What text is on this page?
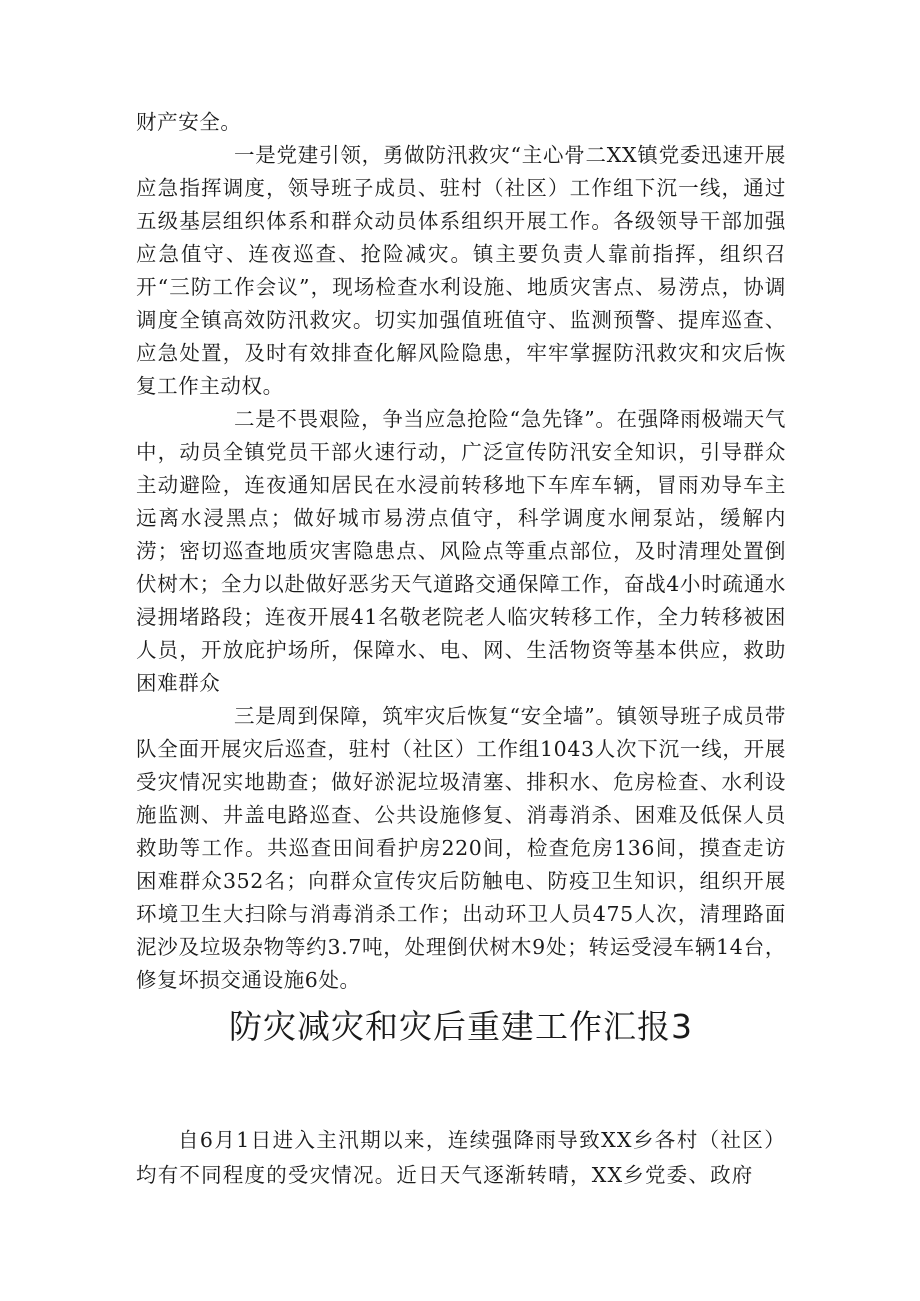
财产安全。

一是党建引领，勇做防汛救灾“主心骨二XX镇党委迅速开展应急指挥调度，领导班子成员、驻村（社区）工作组下沉一线，通过五级基层组织体系和群众动员体系组织开展工作。各级领导干部加强应急值守、连夜巡查、抢险减灾。镇主要负责人靠前指挥，组织召开“三防工作会议”，现场检查水利设施、地质灾害点、易涝点，协调调度全镇高效防汛救灾。切实加强值班值守、监测预警、提库巡查、应急处置，及时有效排查化解风险隐患，牢牢掌握防汛救灾和灾后恢复工作主动权。

二是不畏艰险，争当应急抢险“急先锋”。在强降雨极端天气中，动员全镇党员干部火速行动，广泛宣传防汛安全知识，引导群众主动避险，连夜通知居民在水浸前转移地下车库车辆，冒雨劝导车主远离水浸黑点；做好城市易涝点值守，科学调度水闸泵站，缓解内涝；密切巡查地质灾害隐患点、风险点等重点部位，及时清理处置倒伏树木；全力以赴做好恶劣天气道路交通保障工作，奋战4小时疏通水浸拥堵路段；连夜开展41名敬老院老人临灾转移工作，全力转移被困人员，开放庇护场所，保障水、电、网、生活物资等基本供应，救助困难群众

三是周到保障，筑牢灾后恢复“安全墙”。镇领导班子成员带队全面开展灾后巡查，驻村（社区）工作组1043人次下沉一线，开展受灾情况实地勘查；做好淤泥垃圾清塞、排积水、危房检查、水利设施监测、井盖电路巡查、公共设施修复、消毒消杀、困难及低保人员救助等工作。共巡查田间看护房220间，检查危房136间，摸查走访困难群众352名；向群众宣传灾后防触电、防疫卫生知识，组织开展环境卫生大扫除与消毒消杀工作；出动环卫人员475人次，清理路面泥沙及垃圾杂物等约3.7吨，处理倒伏树木9处；转运受浸车辆14台，修复坏损交通设施6处。

防灾减灾和灾后重建工作汇报3

自6月1日进入主汛期以来，连续强降雨导致XX乡各村（社区）均有不同程度的受灾情况。近日天气逐渐转晴，XX乡党委、政府
